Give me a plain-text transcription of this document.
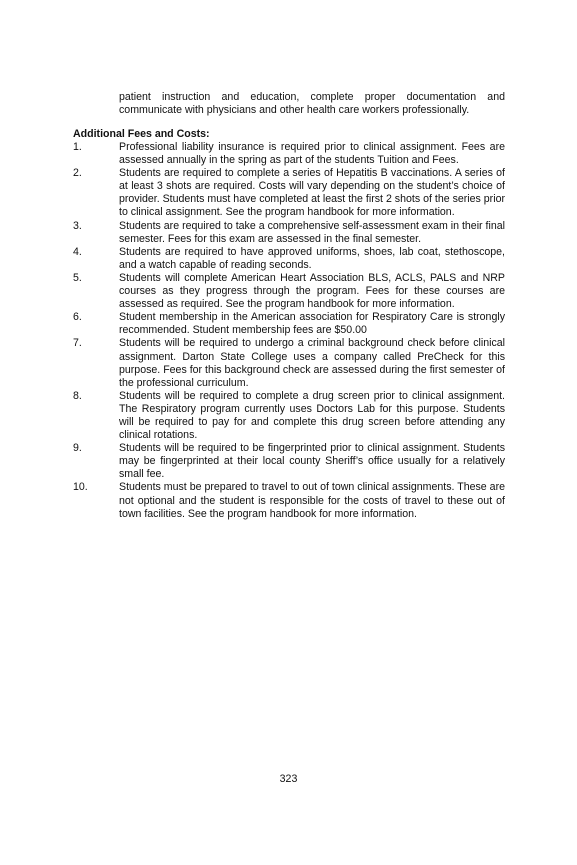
patient instruction and education, complete proper documentation and communicate with physicians and other health care workers professionally.

Additional Fees and Costs:
1.	Professional liability insurance is required prior to clinical assignment. Fees are assessed annually in the spring as part of the students Tuition and Fees.
2.	Students are required to complete a series of Hepatitis B vaccinations. A series of at least 3 shots are required. Costs will vary depending on the student’s choice of provider. Students must have completed at least the first 2 shots of the series prior to clinical assignment. See the program handbook for more information.
3.	Students are required to take a comprehensive self-assessment exam in their final semester. Fees for this exam are assessed in the final semester.
4.	Students are required to have approved uniforms, shoes, lab coat, stethoscope, and a watch capable of reading seconds.
5.	Students will complete American Heart Association BLS, ACLS, PALS and NRP courses as they progress through the program. Fees for these courses are assessed as required. See the program handbook for more information.
6.	Student membership in the American association for Respiratory Care is strongly recommended. Student membership fees are $50.00
7.	Students will be required to undergo a criminal background check before clinical assignment. Darton State College uses a company called PreCheck for this purpose. Fees for this background check are assessed during the first semester of the professional curriculum.
8.	Students will be required to complete a drug screen prior to clinical assignment. The Respiratory program currently uses Doctors Lab for this purpose. Students will be required to pay for and complete this drug screen before attending any clinical rotations.
9.	Students will be required to be fingerprinted prior to clinical assignment. Students may be fingerprinted at their local county Sheriff’s office usually for a relatively small fee.
10.	Students must be prepared to travel to out of town clinical assignments. These are not optional and the student is responsible for the costs of travel to these out of town facilities. See the program handbook for more information.
323
